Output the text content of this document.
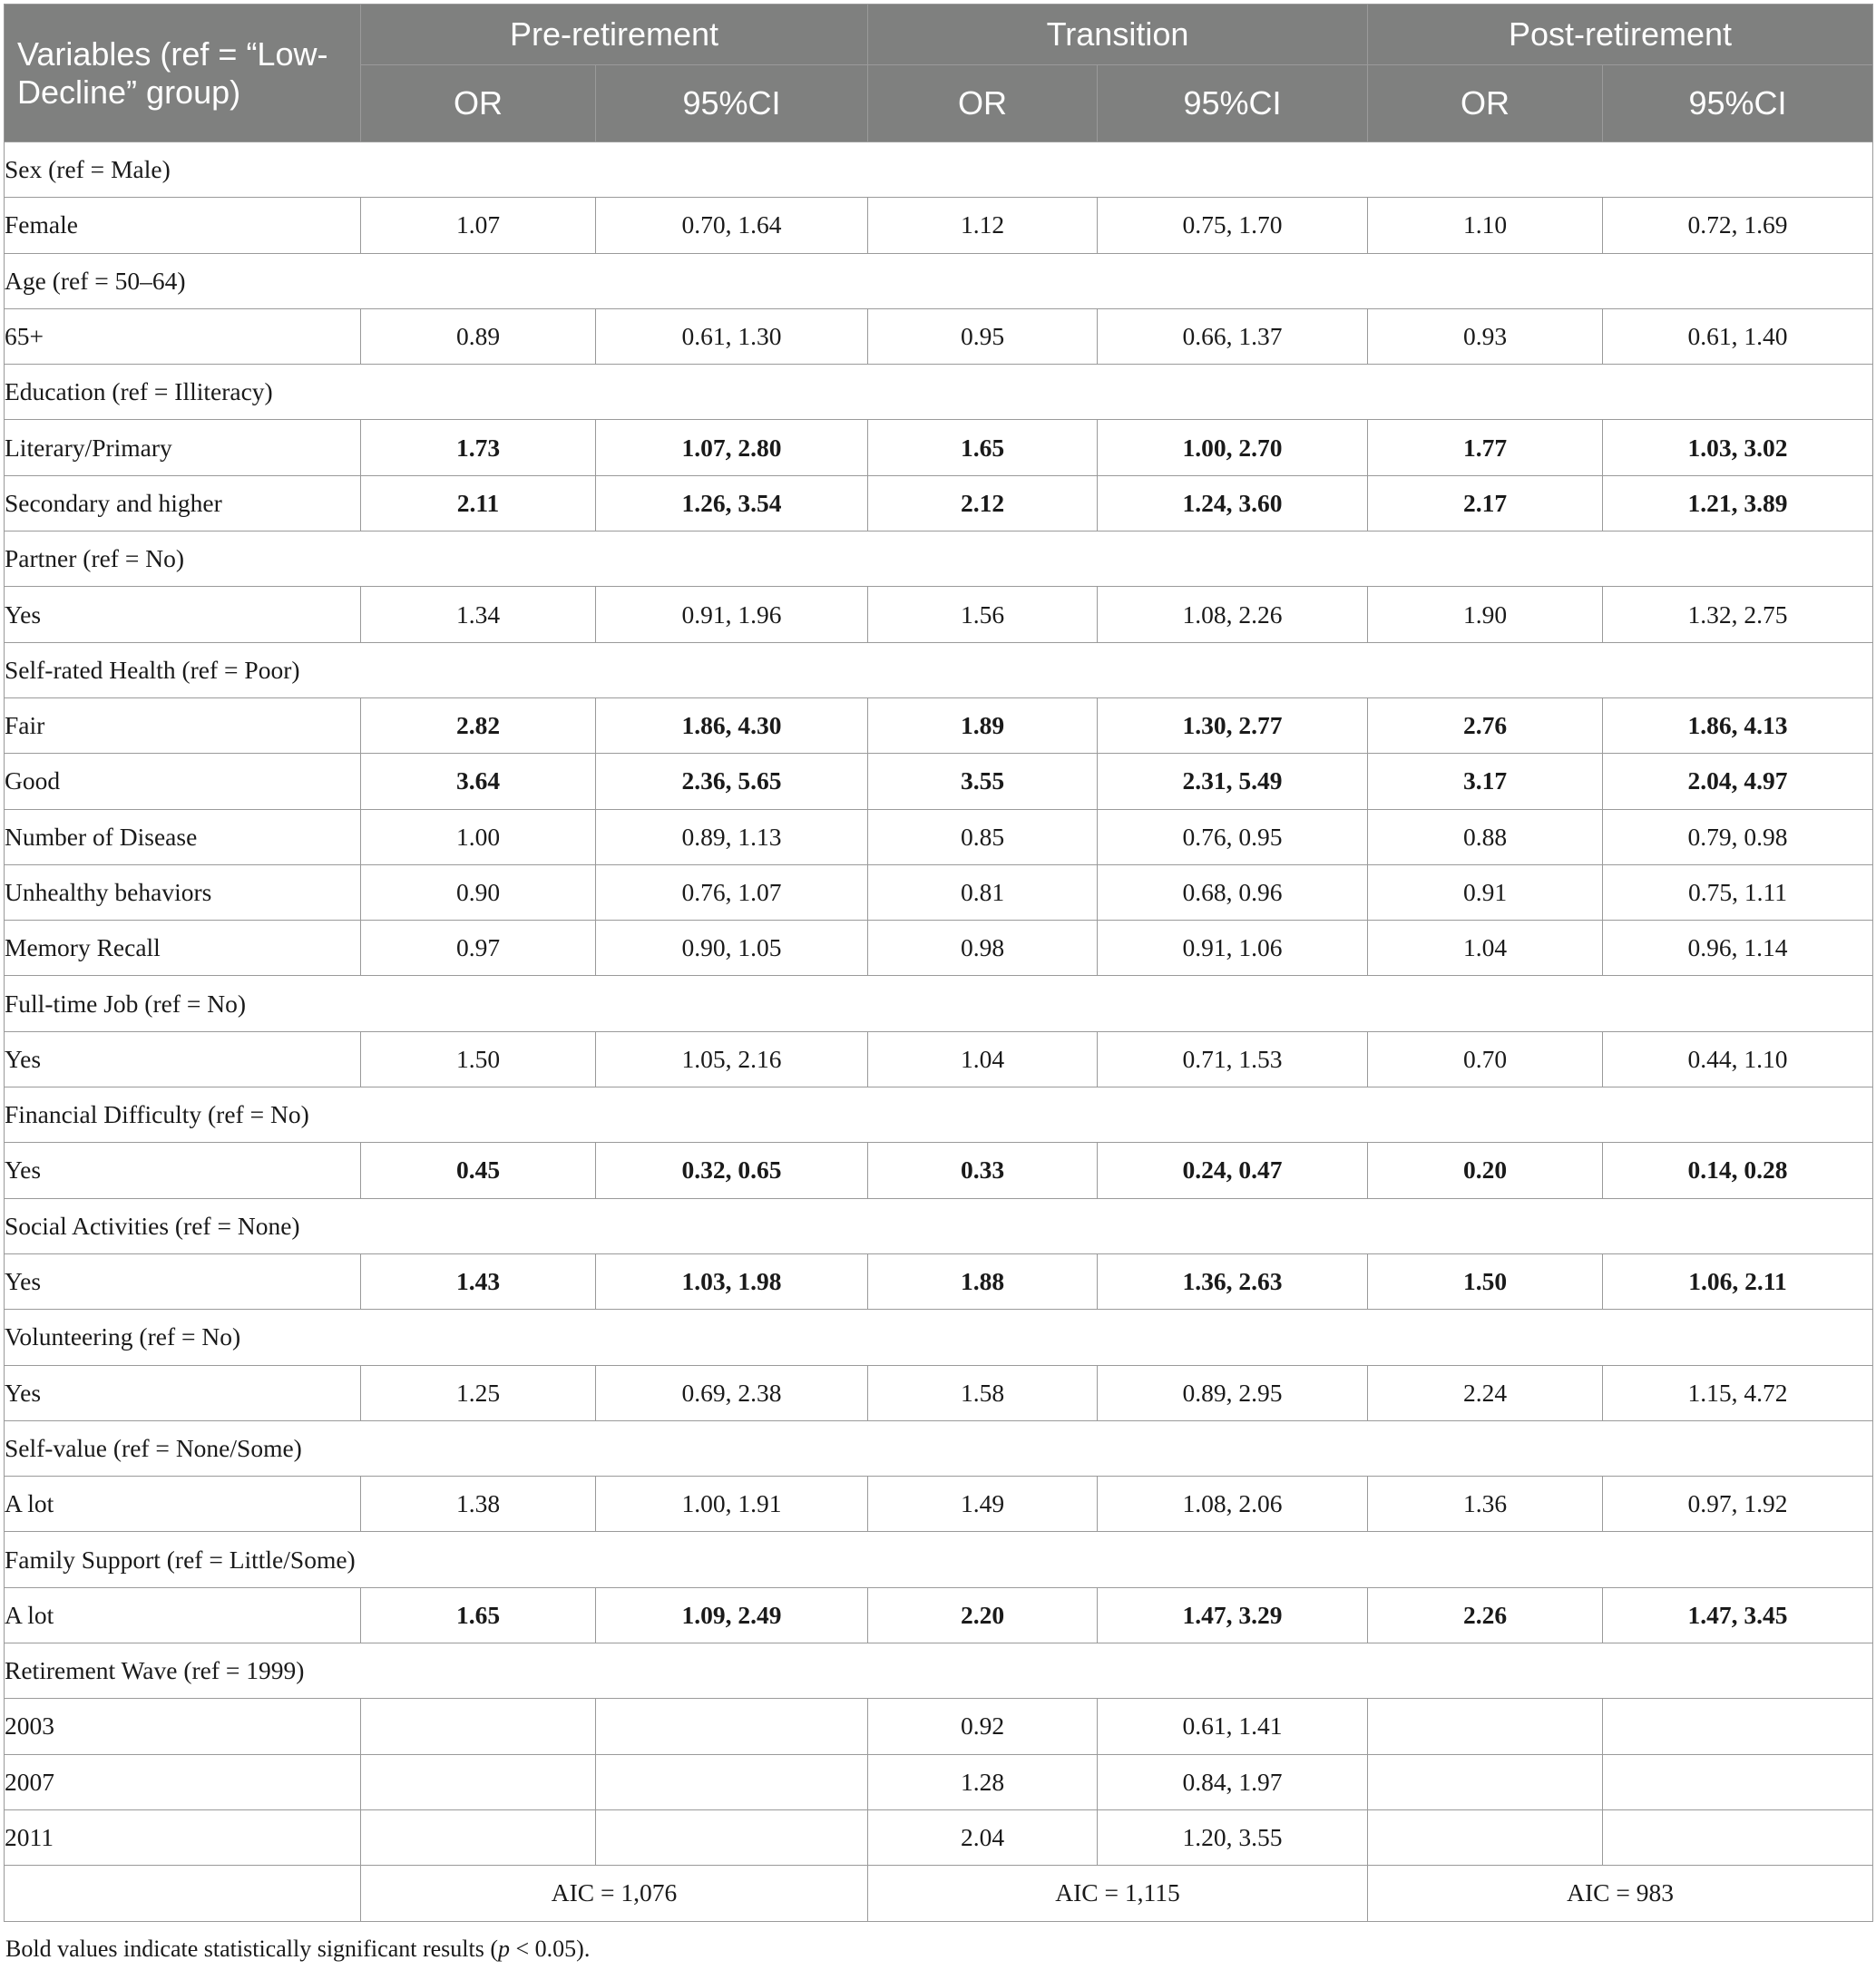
Variables (ref = “Low-Decline” group)	Pre-retirement		Transition		Post-retirement	
	OR	95%CI	OR	95%CI	OR	95%CI
Sex (ref = Male)						
Female	1.07	0.70, 1.64	1.12	0.75, 1.70	1.10	0.72, 1.69
Age (ref = 50–64)						
65+	0.89	0.61, 1.30	0.95	0.66, 1.37	0.93	0.61, 1.40
Education (ref = Illiteracy)						
Literary/Primary	1.73	1.07, 2.80	1.65	1.00, 2.70	1.77	1.03, 3.02
Secondary and higher	2.11	1.26, 3.54	2.12	1.24, 3.60	2.17	1.21, 3.89
Partner (ref = No)						
Yes	1.34	0.91, 1.96	1.56	1.08, 2.26	1.90	1.32, 2.75
Self-rated Health (ref = Poor)						
Fair	2.82	1.86, 4.30	1.89	1.30, 2.77	2.76	1.86, 4.13
Good	3.64	2.36, 5.65	3.55	2.31, 5.49	3.17	2.04, 4.97
Number of Disease	1.00	0.89, 1.13	0.85	0.76, 0.95	0.88	0.79, 0.98
Unhealthy behaviors	0.90	0.76, 1.07	0.81	0.68, 0.96	0.91	0.75, 1.11
Memory Recall	0.97	0.90, 1.05	0.98	0.91, 1.06	1.04	0.96, 1.14
Full-time Job (ref = No)						
Yes	1.50	1.05, 2.16	1.04	0.71, 1.53	0.70	0.44, 1.10
Financial Difficulty (ref = No)						
Yes	0.45	0.32, 0.65	0.33	0.24, 0.47	0.20	0.14, 0.28
Social Activities (ref = None)						
Yes	1.43	1.03, 1.98	1.88	1.36, 2.63	1.50	1.06, 2.11
Volunteering (ref = No)						
Yes	1.25	0.69, 2.38	1.58	0.89, 2.95	2.24	1.15, 4.72
Self-value (ref = None/Some)						
A lot	1.38	1.00, 1.91	1.49	1.08, 2.06	1.36	0.97, 1.92
Family Support (ref = Little/Some)						
A lot	1.65	1.09, 2.49	2.20	1.47, 3.29	2.26	1.47, 3.45
Retirement Wave (ref = 1999)						
2003			0.92	0.61, 1.41		
2007			1.28	0.84, 1.97		
2011			2.04	1.20, 3.55		
	AIC = 1,076		AIC = 1,115		AIC = 983	
Bold values indicate statistically significant results (p < 0.05).
